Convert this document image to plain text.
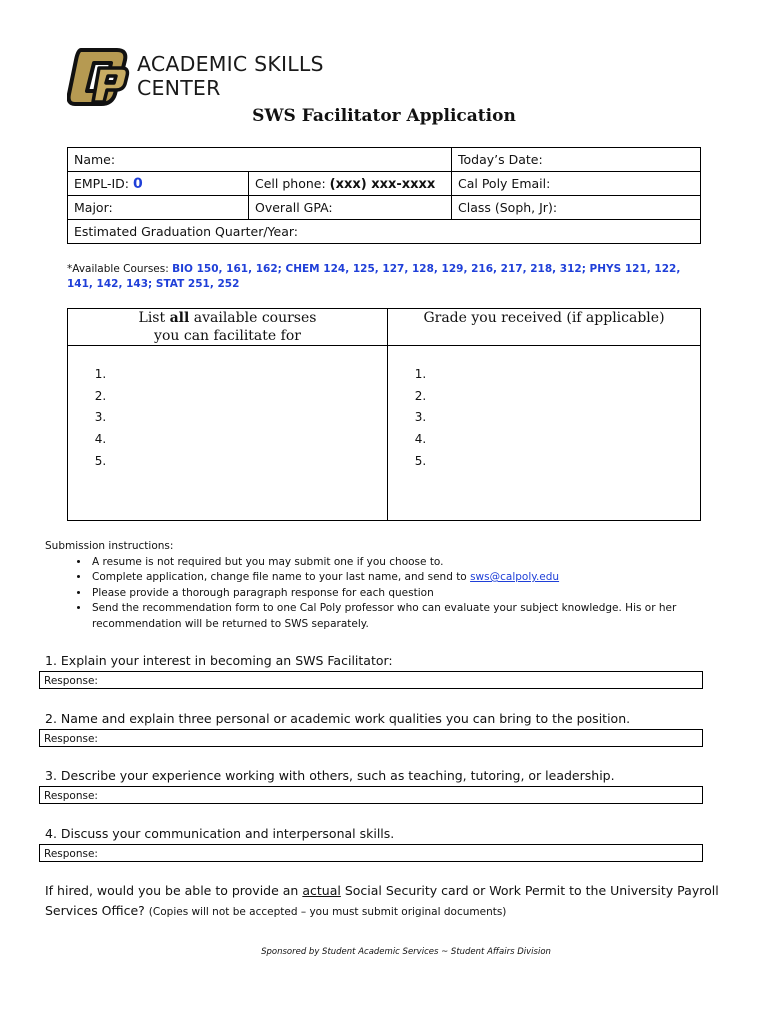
ACADEMIC SKILLS
CENTER
SWS Facilitator Application
Name:		Today’s Date:
EMPL-ID: 0	Cell phone: (xxx) xxx-xxxx	Cal Poly Email:
Major:	Overall GPA:	Class (Soph, Jr):
Estimated Graduation Quarter/Year:		
*Available Courses: BIO 150, 161, 162; CHEM 124, 125, 127, 128, 129, 216, 217, 218, 312; PHYS 121, 122, 141, 142, 143; STAT 251, 252
List all available courses
you can facilitate for	Grade you received (if applicable)

1.
2.
3.
4.
5.

1.
2.
3.
4.
5.
Submission instructions:
• A resume is not required but you may submit one if you choose to.
• Complete application, change file name to your last name, and send to sws@calpoly.edu
• Please provide a thorough paragraph response for each question
• Send the recommendation form to one Cal Poly professor who can evaluate your subject knowledge. His or her recommendation will be returned to SWS separately.
1. Explain your interest in becoming an SWS Facilitator:
Response:
2. Name and explain three personal or academic work qualities you can bring to the position.
Response:
3. Describe your experience working with others, such as teaching, tutoring, or leadership.
Response:
4. Discuss your communication and interpersonal skills.
Response:
If hired, would you be able to provide an actual Social Security card or Work Permit to the University Payroll Services Office? (Copies will not be accepted – you must submit original documents)
Sponsored by Student Academic Services ~ Student Affairs Division
